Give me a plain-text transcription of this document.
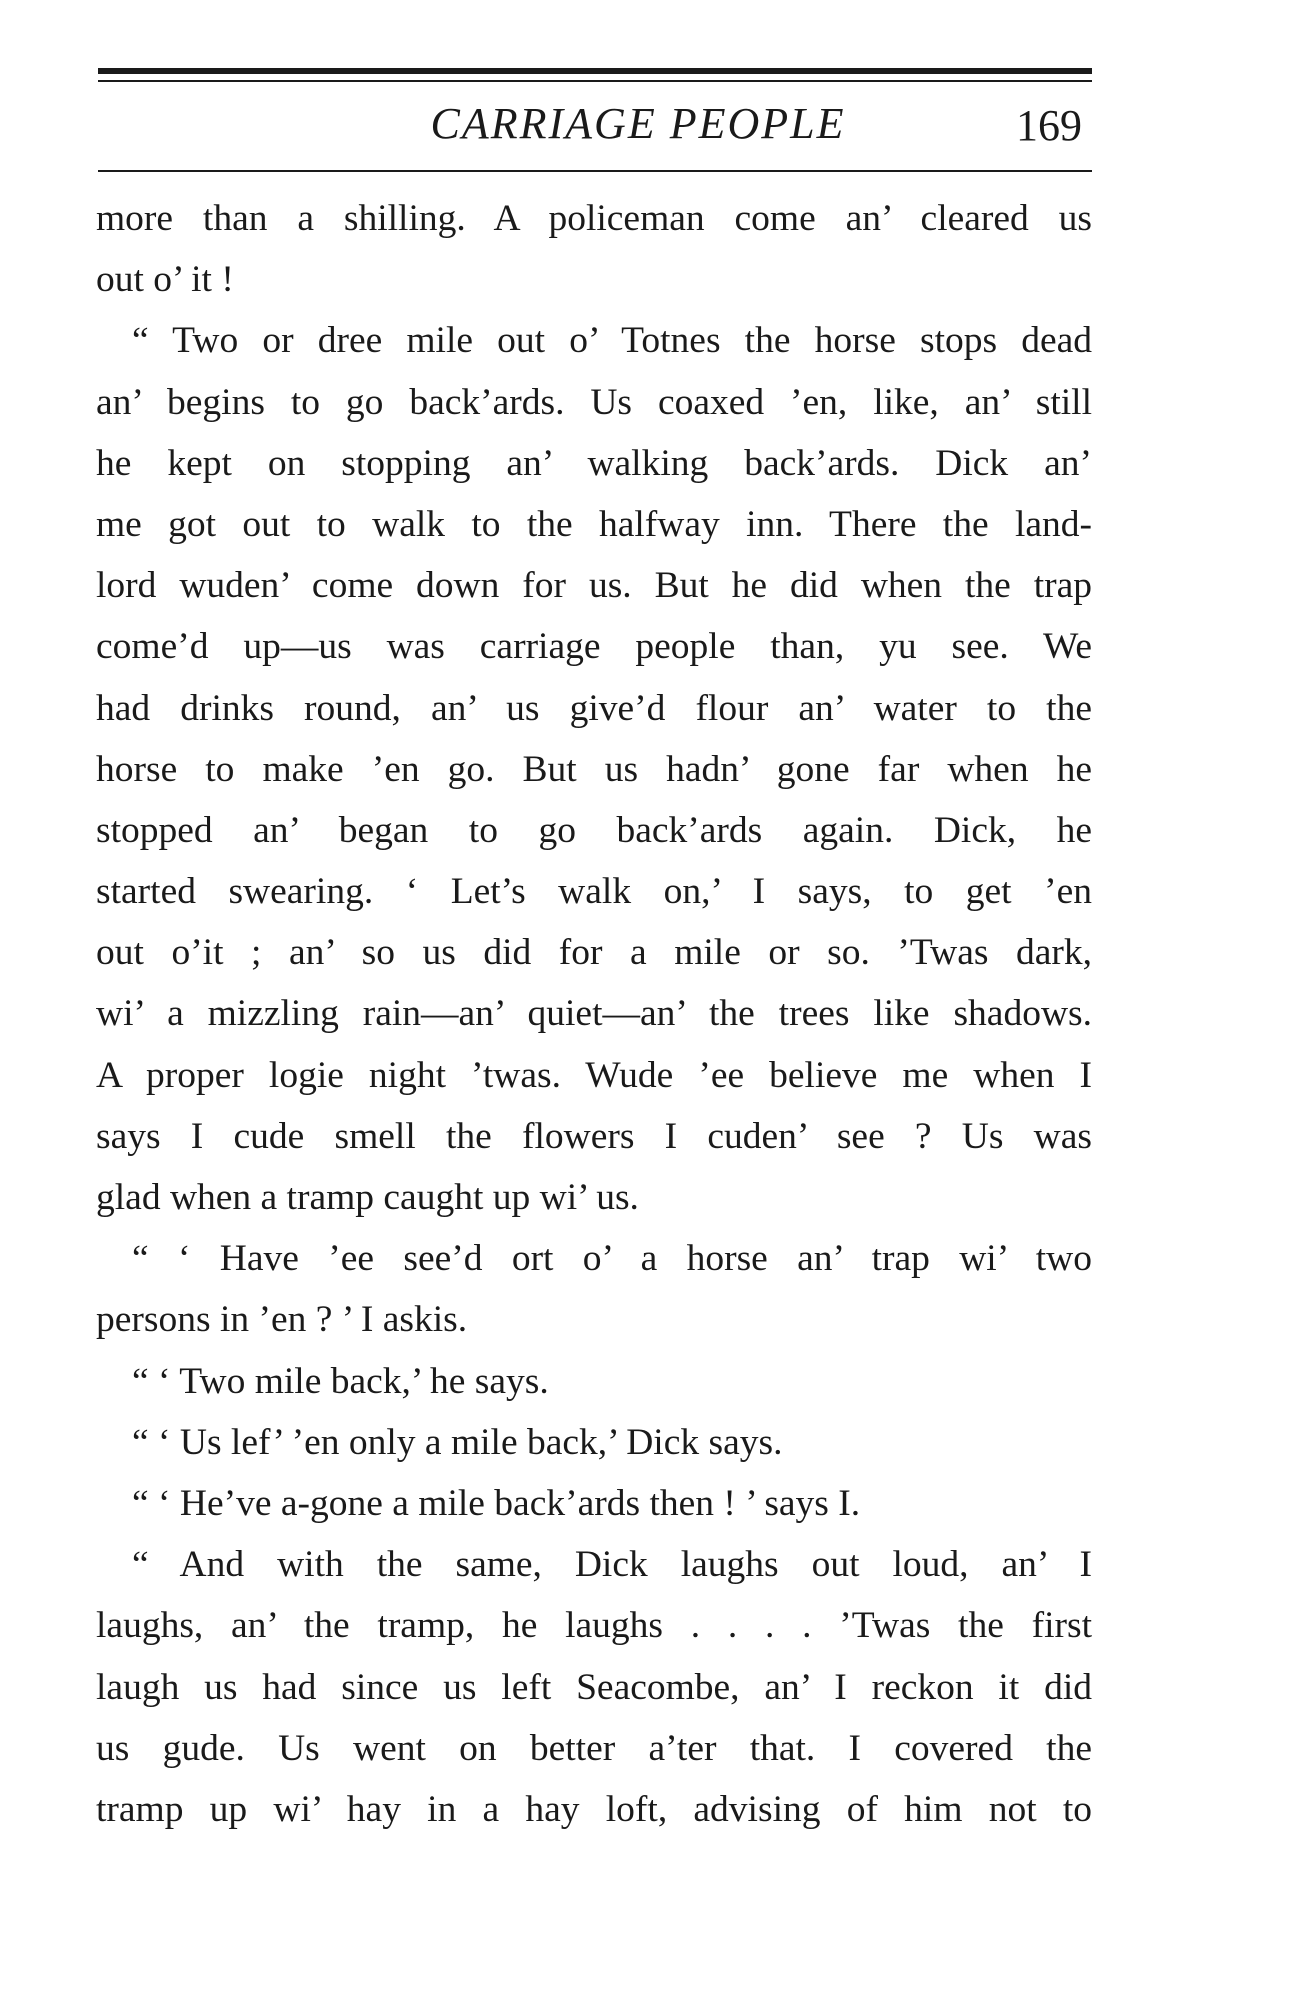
CARRIAGE PEOPLE	169
more than a shilling. A policeman come an’ cleared us
out o’ it !
“ Two or dree mile out o’ Totnes the horse stops dead
an’ begins to go back’ards. Us coaxed ’en, like, an’ still
he kept on stopping an’ walking back’ards. Dick an’
me got out to walk to the halfway inn. There the land-
lord wuden’ come down for us. But he did when the trap
come’d up—us was carriage people than, yu see. We
had drinks round, an’ us give’d flour an’ water to the
horse to make ’en go. But us hadn’ gone far when he
stopped an’ began to go back’ards again. Dick, he
started swearing. ‘ Let’s walk on,’ I says, to get ’en
out o’it ; an’ so us did for a mile or so. ’Twas dark,
wi’ a mizzling rain—an’ quiet—an’ the trees like shadows.
A proper logie night ’twas. Wude ’ee believe me when I
says I cude smell the flowers I cuden’ see ? Us was
glad when a tramp caught up wi’ us.
“ ‘ Have ’ee see’d ort o’ a horse an’ trap wi’ two
persons in ’en ? ’ I askis.
“ ‘ Two mile back,’ he says.
“ ‘ Us lef’ ’en only a mile back,’ Dick says.
“ ‘ He’ve a-gone a mile back’ards then ! ’ says I.
“ And with the same, Dick laughs out loud, an’ I
laughs, an’ the tramp, he laughs . . . . ’Twas the first
laugh us had since us left Seacombe, an’ I reckon it did
us gude. Us went on better a’ter that. I covered the
tramp up wi’ hay in a hay loft, advising of him not to
